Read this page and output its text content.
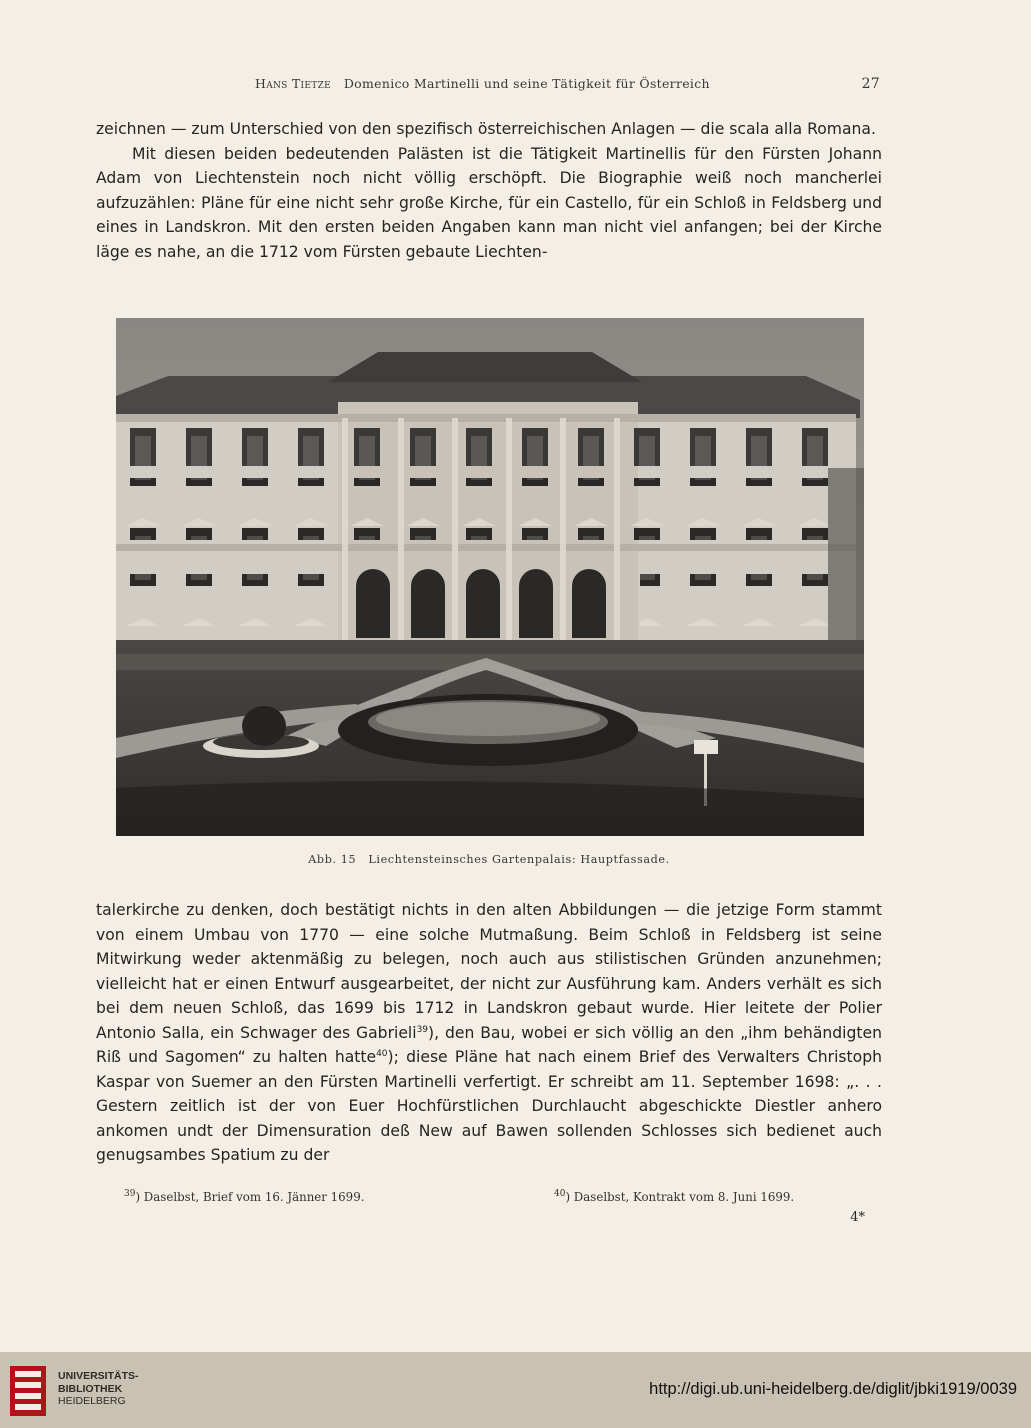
Hans Tietze Domenico Martinelli und seine Tätigkeit für Österreich	27

zeichnen — zum Unterschied von den spezifisch österreichischen Anlagen — die scala alla Romana.

Mit diesen beiden bedeutenden Palästen ist die Tätigkeit Martinellis für den Fürsten Johann Adam von Liechtenstein noch nicht völlig erschöpft. Die Biographie weiß noch mancherlei aufzuzählen: Pläne für eine nicht sehr große Kirche, für ein Castello, für ein Schloß in Feldsberg und eines in Landskron. Mit den ersten beiden Angaben kann man nicht viel anfangen; bei der Kirche läge es nahe, an die 1712 vom Fürsten gebaute Liechten-

Abb. 15 Liechtensteinsches Gartenpalais: Hauptfassade.

talerkirche zu denken, doch bestätigt nichts in den alten Abbildungen — die jetzige Form stammt von einem Umbau von 1770 — eine solche Mutmaßung. Beim Schloß in Feldsberg ist seine Mitwirkung weder aktenmäßig zu belegen, noch auch aus stilistischen Gründen anzunehmen; vielleicht hat er einen Entwurf ausgearbeitet, der nicht zur Ausführung kam. Anders verhält es sich bei dem neuen Schloß, das 1699 bis 1712 in Landskron gebaut wurde. Hier leitete der Polier Antonio Salla, ein Schwager des Gabrieli$^{39}$), den Bau, wobei er sich völlig an den „ihm behändigten Riß und Sagomen“ zu halten hatte$^{40}$); diese Pläne hat nach einem Brief des Verwalters Christoph Kaspar von Suemer an den Fürsten Martinelli verfertigt. Er schreibt am 11. September 1698: „. . . Gestern zeitlich ist der von Euer Hochfürstlichen Durchlaucht abgeschickte Diestler anhero ankomen undt der Dimensuration deß New auf Bawen sollenden Schlosses sich bedienet auch genugsambes Spatium zu der

$^{39}$) Daselbst, Brief vom 16. Jänner 1699.	$^{40}$) Daselbst, Kontrakt vom 8. Juni 1699.
4*
UNIVERSITÄTS-
BIBLIOTHEK
HEIDELBERG
http://digi.ub.uni-heidelberg.de/diglit/jbki1919/0039
